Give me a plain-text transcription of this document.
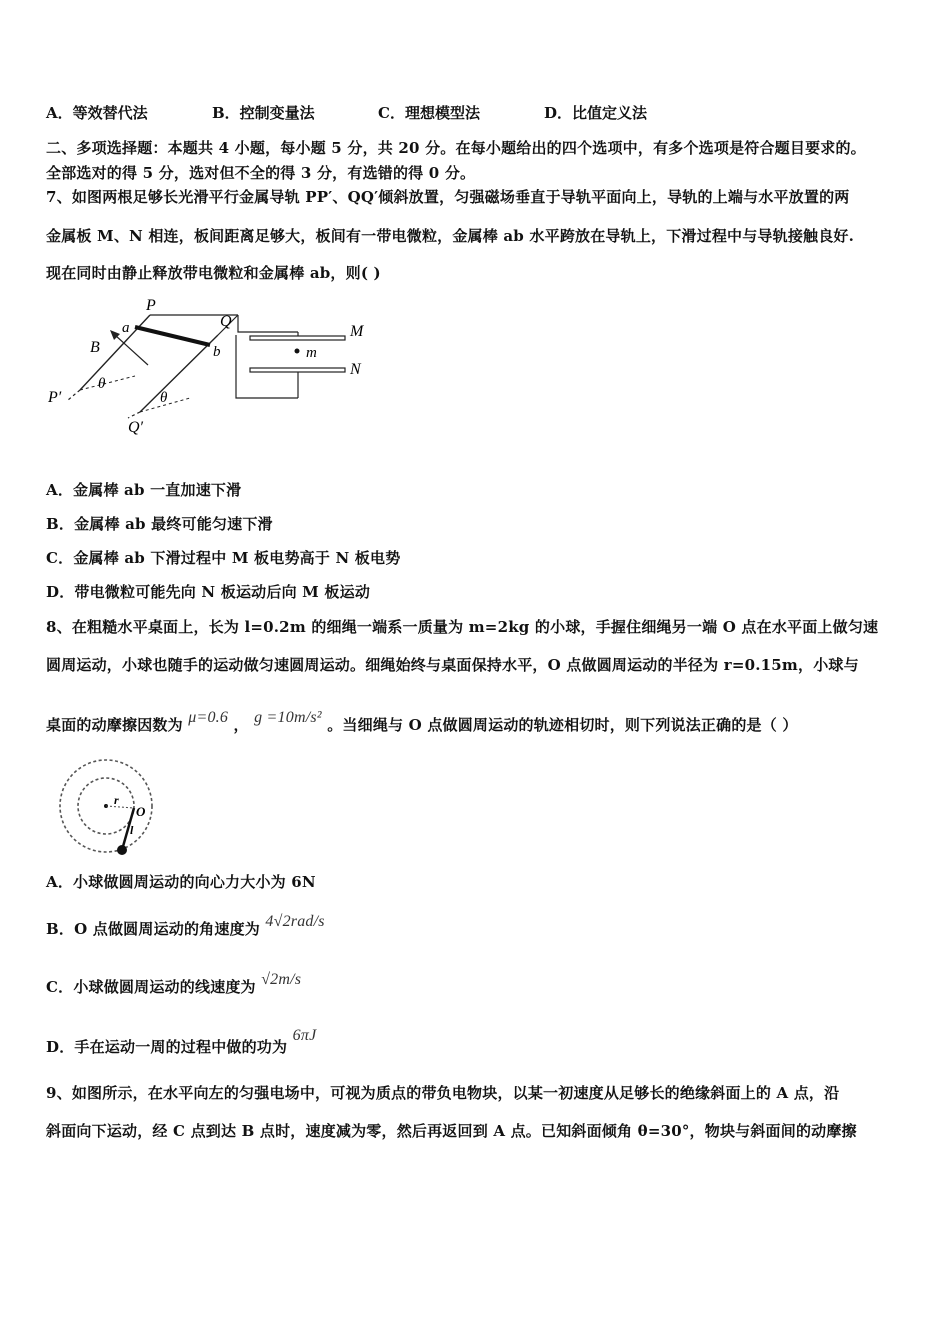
A．等效替代法	B．控制变量法	C．理想模型法	D．比值定义法
二、多项选择题：本题共 4 小题，每小题 5 分，共 20 分。在每小题给出的四个选项中，有多个选项是符合题目要求的。
全部选对的得 5 分，选对但不全的得 3 分，有选错的得 0 分。
7、如图两根足够长光滑平行金属导轨 PP′、QQ′倾斜放置，匀强磁场垂直于导轨平面向上，导轨的上端与水平放置的两
金属板 M、N 相连，板间距离足够大，板间有一带电微粒，金属棒 ab 水平跨放在导轨上，下滑过程中与导轨接触良好.
现在同时由静止释放带电微粒和金属棒 ab，则( )
P
Q
a
b
B
M
N
m
θ
θ
P′
Q′
A．金属棒 ab 一直加速下滑
B．金属棒 ab 最终可能匀速下滑
C．金属棒 ab 下滑过程中 M 板电势高于 N 板电势
D．带电微粒可能先向 N 板运动后向 M 板运动
8、在粗糙水平桌面上，长为 l=0.2m 的细绳一端系一质量为 m=2kg 的小球，手握住细绳另一端 O 点在水平面上做匀速
圆周运动，小球也随手的运动做匀速圆周运动。细绳始终与桌面保持水平，O 点做圆周运动的半径为 r=0.15m，小球与
桌面的动摩擦因数为 μ=0.6 ， g =10m/s² 。当细绳与 O 点做圆周运动的轨迹相切时，则下列说法正确的是（ ）
r
O
l
A．小球做圆周运动的向心力大小为 6N
B．O 点做圆周运动的角速度为 4√2rad/s
C．小球做圆周运动的线速度为 √2m/s
D．手在运动一周的过程中做的功为 6πJ
9、如图所示，在水平向左的匀强电场中，可视为质点的带负电物块，以某一初速度从足够长的绝缘斜面上的 A 点，沿
斜面向下运动，经 C 点到达 B 点时，速度减为零，然后再返回到 A 点。已知斜面倾角 θ=30°，物块与斜面间的动摩擦
